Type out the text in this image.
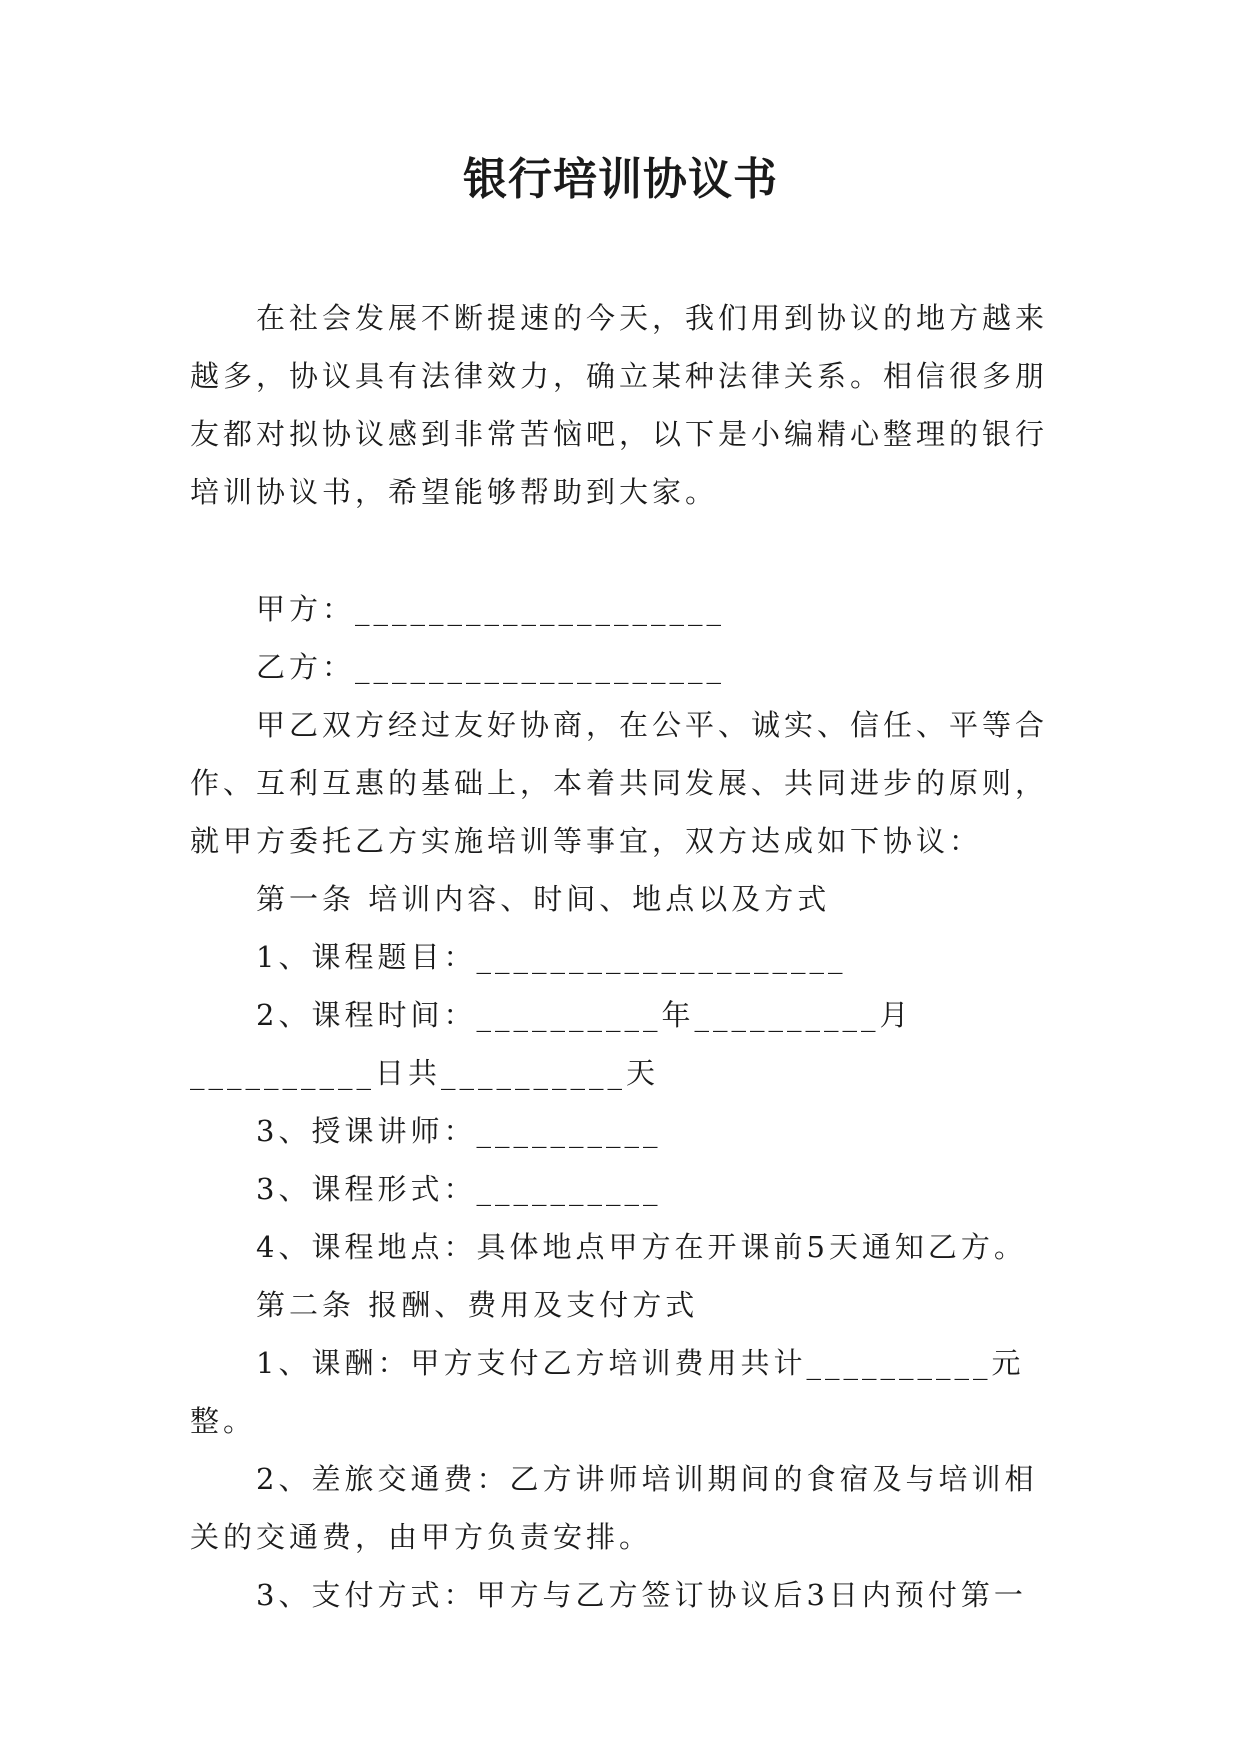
银行培训协议书

在社会发展不断提速的今天，我们用到协议的地方越来越多，协议具有法律效力，确立某种法律关系。相信很多朋友都对拟协议感到非常苦恼吧，以下是小编精心整理的银行培训协议书，希望能够帮助到大家。

甲方：____________________

乙方：____________________

甲乙双方经过友好协商，在公平、诚实、信任、平等合作、互利互惠的基础上，本着共同发展、共同进步的原则，就甲方委托乙方实施培训等事宜，双方达成如下协议：

第一条 培训内容、时间、地点以及方式

1、课程题目：____________________

2、课程时间：__________年__________月__________日共__________天

3、授课讲师：__________

3、课程形式：__________

4、课程地点：具体地点甲方在开课前5天通知乙方。

第二条 报酬、费用及支付方式

1、课酬：甲方支付乙方培训费用共计__________元整。

2、差旅交通费：乙方讲师培训期间的食宿及与培训相关的交通费，由甲方负责安排。

3、支付方式：甲方与乙方签订协议后3日内预付第一
